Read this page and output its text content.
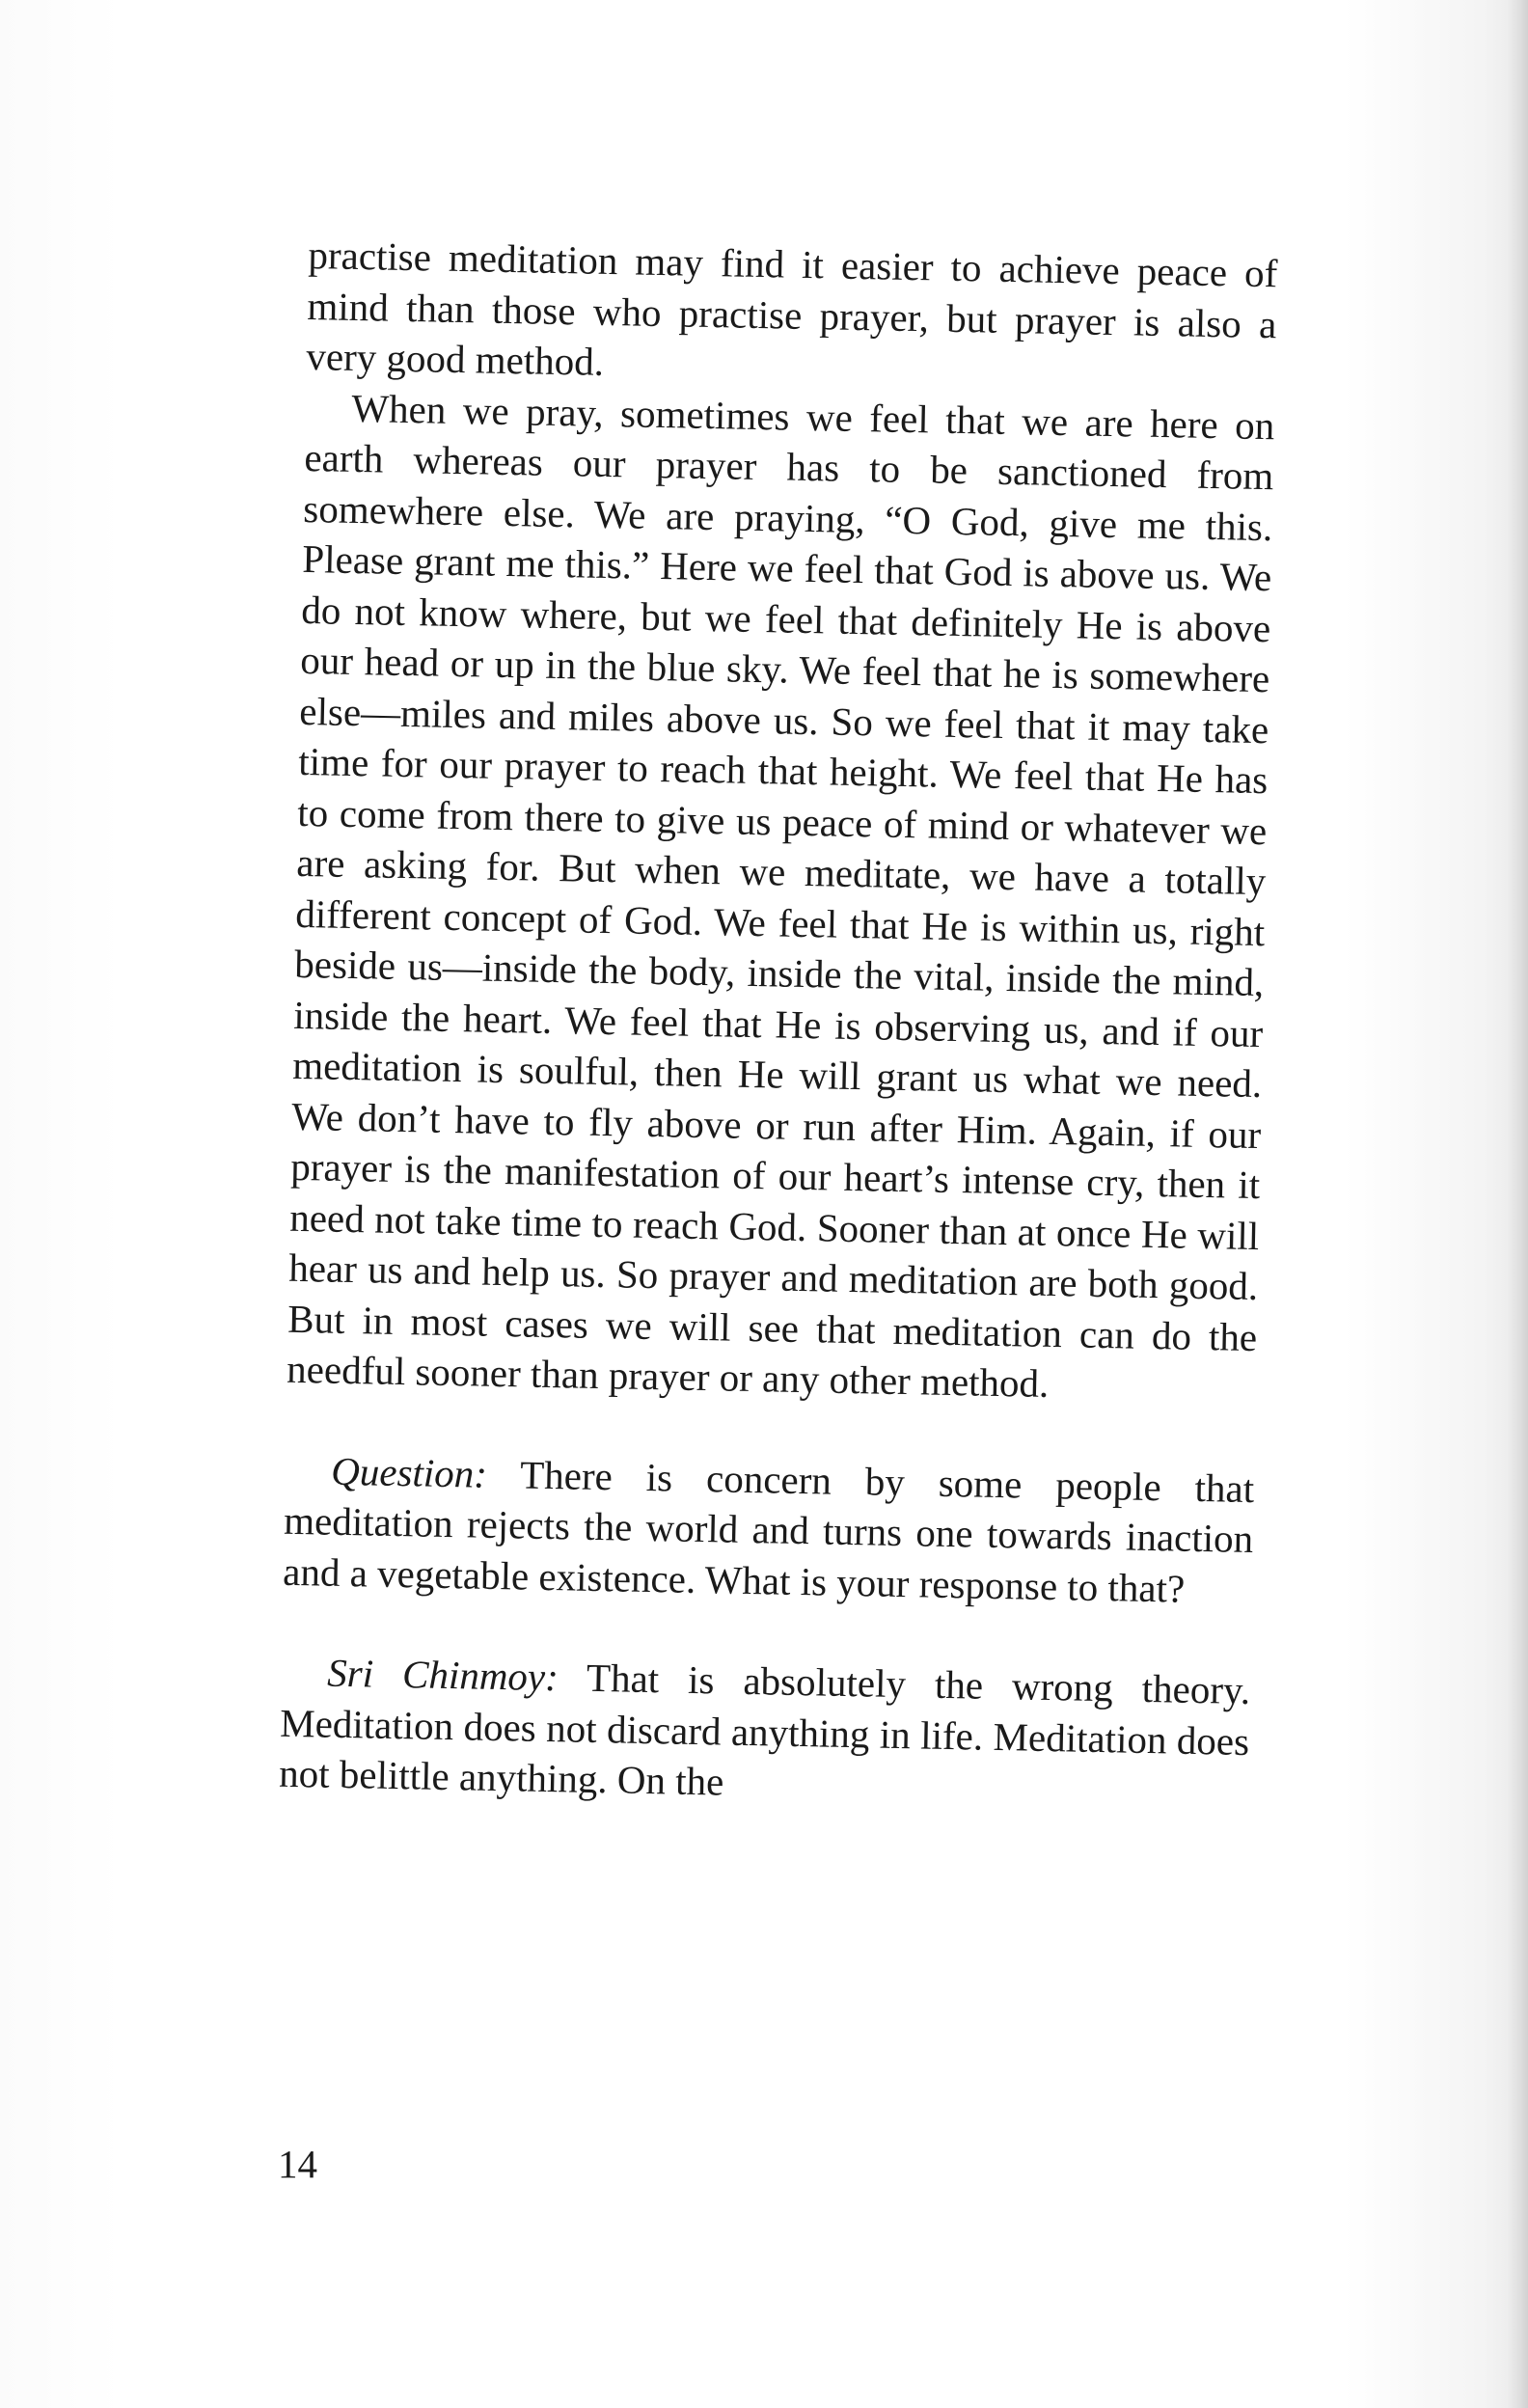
practise meditation may find it easier to achieve peace of mind than those who practise prayer, but prayer is also a very good method.

When we pray, sometimes we feel that we are here on earth whereas our prayer has to be sanctioned from somewhere else. We are praying, “O God, give me this. Please grant me this.” Here we feel that God is above us. We do not know where, but we feel that definitely He is above our head or up in the blue sky. We feel that he is somewhere else—miles and miles above us. So we feel that it may take time for our prayer to reach that height. We feel that He has to come from there to give us peace of mind or whatever we are asking for. But when we meditate, we have a totally different concept of God. We feel that He is within us, right beside us—inside the body, inside the vital, inside the mind, inside the heart. We feel that He is observing us, and if our meditation is soulful, then He will grant us what we need. We don’t have to fly above or run after Him. Again, if our prayer is the manifestation of our heart’s intense cry, then it need not take time to reach God. Sooner than at once He will hear us and help us. So prayer and meditation are both good. But in most cases we will see that meditation can do the needful sooner than prayer or any other method.

Question: There is concern by some people that meditation rejects the world and turns one towards inaction and a vegetable existence. What is your response to that?

Sri Chinmoy: That is absolutely the wrong theory. Meditation does not discard anything in life. Meditation does not belittle anything. On the

14
